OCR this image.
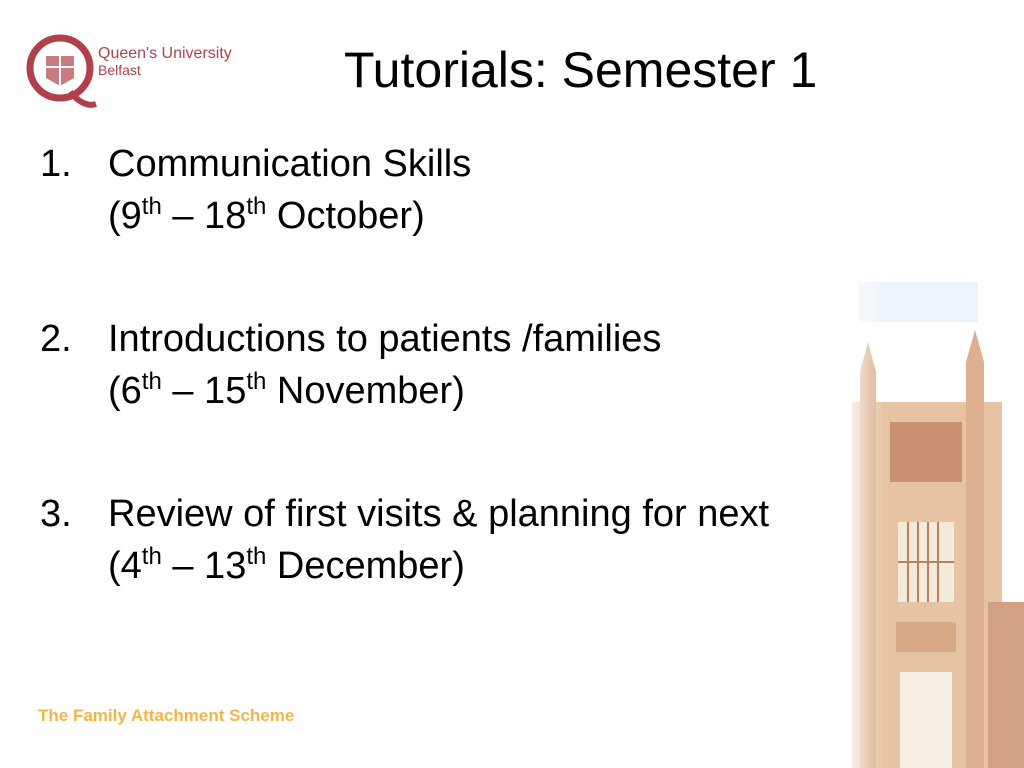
Queen's University
Belfast	Tutorials: Semester 1
1. Communication Skills
(9th – 18th October)
2. Introductions to patients /families
(6th – 15th November)
3. Review of first visits & planning for next
(4th – 13th December)
The Family Attachment Scheme
